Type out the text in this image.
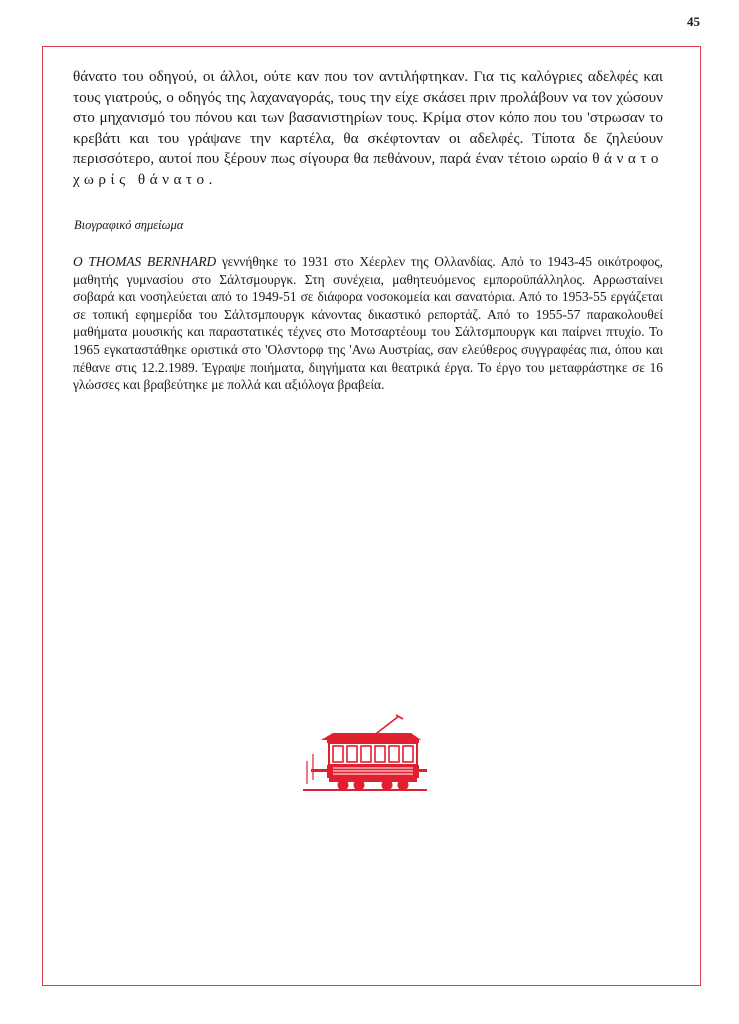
45

θάνατο του οδηγού, οι άλλοι, ούτε καν που τον αντιλήφτηκαν. Για τις καλόγριες αδελφές και τους γιατρούς, ο οδηγός της λαχαναγοράς, τους την είχε σκάσει πριν προλάβουν να τον χώσουν στο μηχανισμό του πόνου και των βασανιστηρίων τους. Κρίμα στον κόπο που του 'στρωσαν το κρεβάτι και του γράψανε την καρτέλα, θα σκέφτονταν οι αδελφές. Τίποτα δε ζηλεύουν περισσότερο, αυτοί που ξέρουν πως σίγουρα θα πεθάνουν, παρά έναν τέτοιο ωραίο θάνατο χωρίς θάνατο.

Βιογραφικό σημείωμα

Ο THOMAS BERNHARD γεννήθηκε το 1931 στο Χέερλεν της Ολλανδίας. Από το 1943-45 οικότροφος, μαθητής γυμνασίου στο Σάλτσμουργκ. Στη συνέχεια, μαθητευόμενος εμποροϋπάλληλος. Αρρωσταίνει σοβαρά και νοσηλεύεται από το 1949-51 σε διάφορα νοσοκομεία και σανατόρια. Από το 1953-55 εργάζεται σε τοπική εφημερίδα του Σάλτσμπουργκ κάνοντας δικαστικό ρεπορτάζ. Από το 1955-57 παρακολουθεί μαθήματα μουσικής και παραστατικές τέχνες στο Μοτσαρτέουμ του Σάλτσμπουργκ και παίρνει πτυχίο. Το 1965 εγκαταστάθηκε οριστικά στο 'Ολσντορφ της 'Ανω Αυστρίας, σαν ελεύθερος συγγραφέας πια, όπου και πέθανε στις 12.2.1989. Έγραψε ποιήματα, διηγήματα και θεατρικά έργα. Το έργο του μεταφράστηκε σε 16 γλώσσες και βραβεύτηκε με πολλά και αξιόλογα βραβεία.
